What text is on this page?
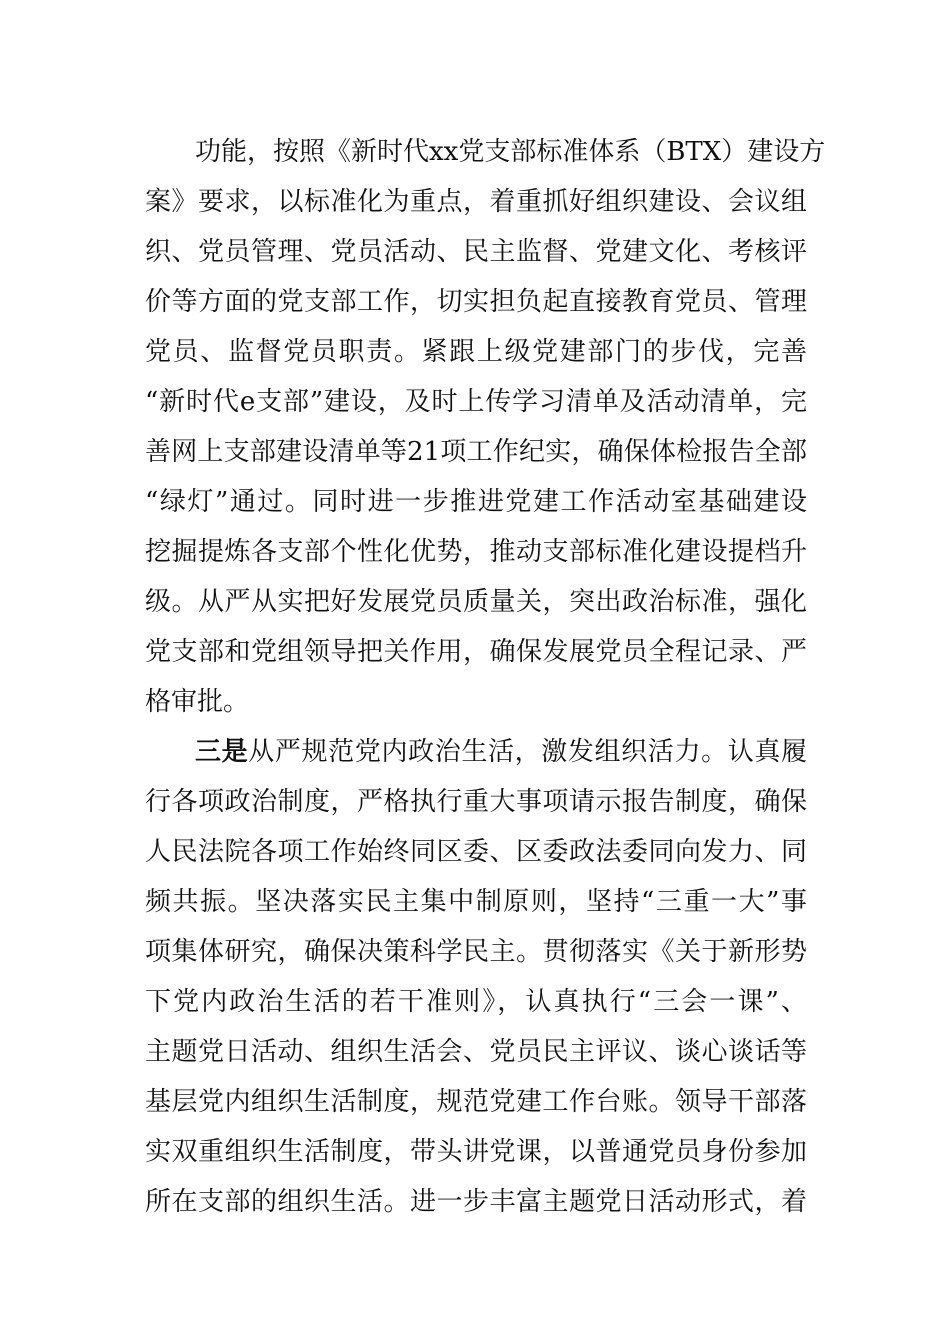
功能，按照《新时代xx党支部标准体系（BTX）建设方
案》要求，以标准化为重点，着重抓好组织建设、会议组
织、党员管理、党员活动、民主监督、党建文化、考核评
价等方面的党支部工作，切实担负起直接教育党员、管理
党员、监督党员职责。紧跟上级党建部门的步伐，完善
“新时代e支部”建设，及时上传学习清单及活动清单，完
善网上支部建设清单等21项工作纪实，确保体检报告全部
“绿灯”通过。同时进一步推进党建工作活动室基础建设
挖掘提炼各支部个性化优势，推动支部标准化建设提档升
级。从严从实把好发展党员质量关，突出政治标准，强化
党支部和党组领导把关作用，确保发展党员全程记录、严
格审批。
三是从严规范党内政治生活，激发组织活力。认真履
行各项政治制度，严格执行重大事项请示报告制度，确保
人民法院各项工作始终同区委、区委政法委同向发力、同
频共振。坚决落实民主集中制原则，坚持“三重一大”事
项集体研究，确保决策科学民主。贯彻落实《关于新形势
下党内政治生活的若干准则》，认真执行“三会一课”、
主题党日活动、组织生活会、党员民主评议、谈心谈话等
基层党内组织生活制度，规范党建工作台账。领导干部落
实双重组织生活制度，带头讲党课，以普通党员身份参加
所在支部的组织生活。进一步丰富主题党日活动形式，着
